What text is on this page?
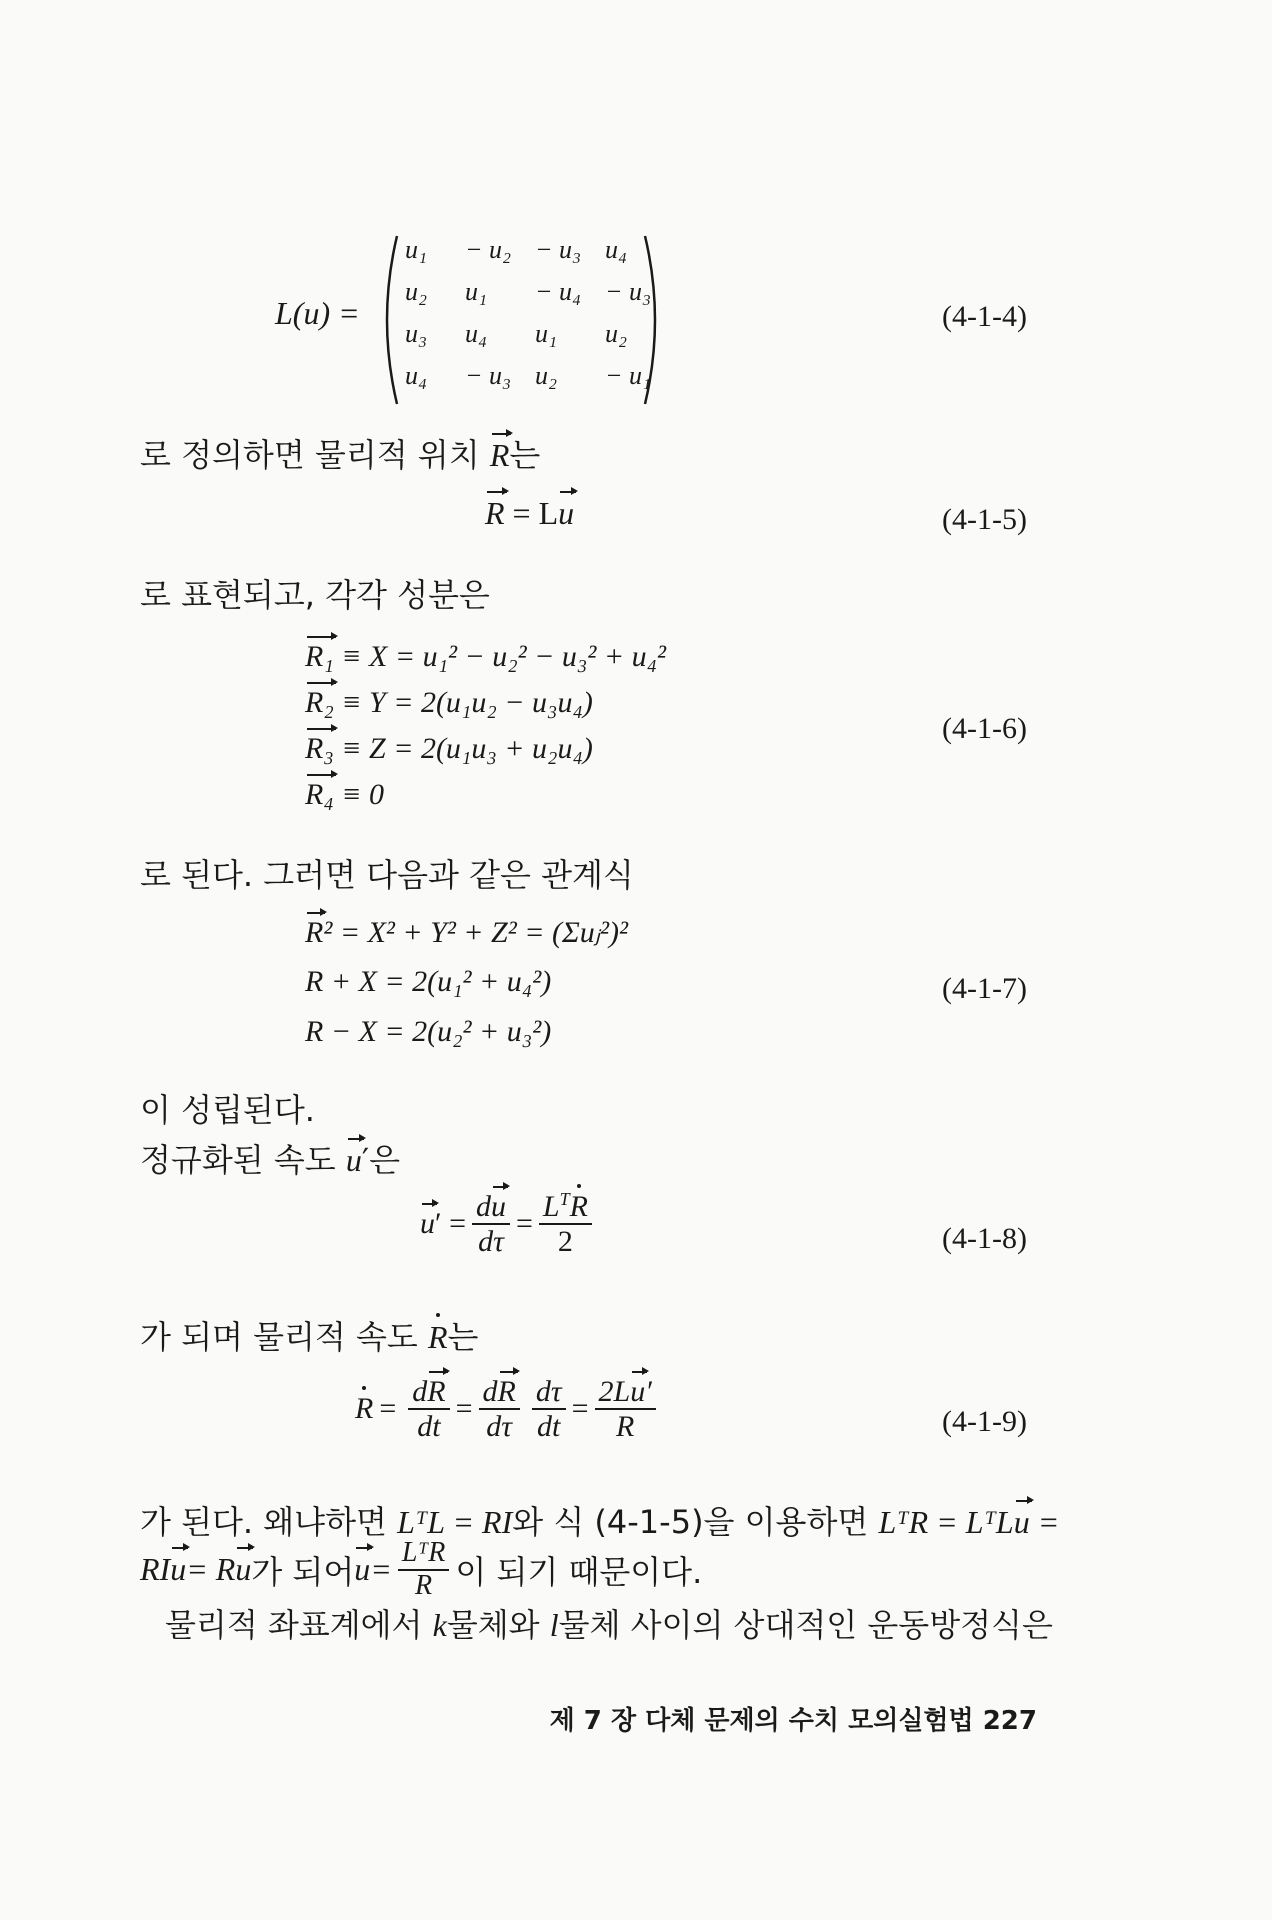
L(u) =
u₁ − u₂ − u₃ u₄
u₂ u₁ − u₄ − u₃
u₃ u₄ u₁ u₂
u₄ − u₃ u₂ − u₁
(4-1-4)
로 정의하면 물리적 위치 R는
R = Lu	(4-1-5)
로 표현되고, 각각 성분은
R₁ ≡ X = u₁² − u₂² − u₃² + u₄²
R₂ ≡ Y = 2(u₁u₂ − u₃u₄)
R₃ ≡ Z = 2(u₁u₃ + u₂u₄)
R₄ ≡ 0
(4-1-6)
로 된다. 그러면 다음과 같은 관계식
R² = X² + Y² + Z² = (Σuⱼ²)²
R + X = 2(u₁² + u₄²)
R − X = 2(u₂² + u₃²)
(4-1-7)
이 성립된다.
정규화된 속도 u′은
u ′ = $\frac{du}{d\tau} = \frac{L^TR}{2}$	(4-1-8)
가 되며 물리적 속도 R는
$R = \frac{dR}{dt} = \frac{dR}{d\tau} \frac{d\tau}{dt} = \frac{2Lu'}{R}$	(4-1-9)
가 된다. 왜냐하면 LᵀL = RI와 식 (4-1-5)을 이용하면 LᵀR = LᵀLu =
RI u = R u 가 되어 $u = \frac{\text{LᵀR}}{R}$ 이 되기 때문이다.
물리적 좌표계에서 k물체와 l물체 사이의 상대적인 운동방정식은
제 7 장 다체 문제의 수치 모의실험법 227
